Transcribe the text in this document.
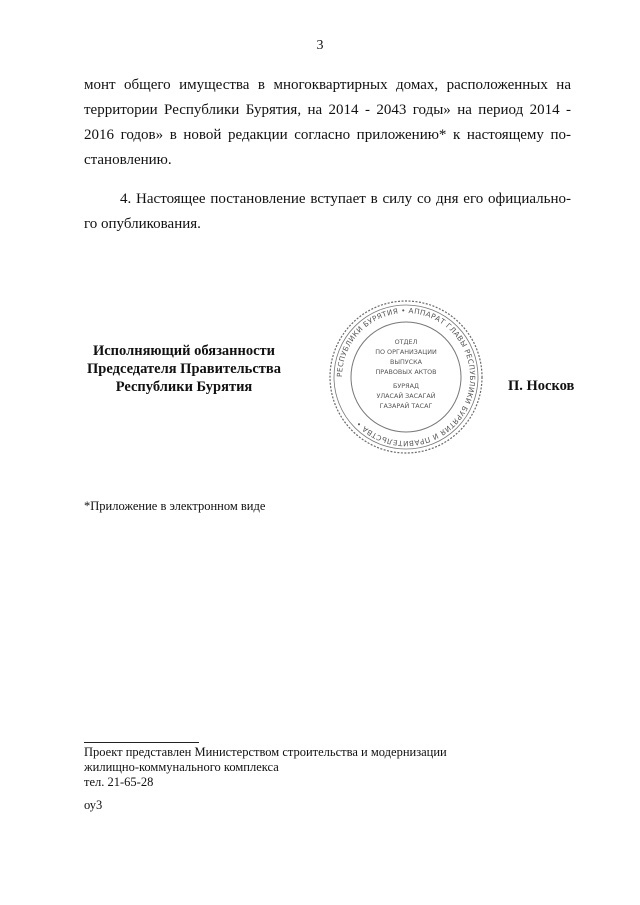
3
монт общего имущества в многоквартирных домах, расположенных на
территории Республики Бурятия, на 2014 - 2043 годы» на период 2014 -
2016 годов» в новой редакции согласно приложению* к настоящему по-
становлению.
4. Настоящее постановление вступает в силу со дня его официально-
го опубликования.
Исполняющий обязанности
Председателя Правительства
Республики Бурятия
РЕСПУБЛИКИ БУРЯТИЯ • АППАРАТ ГЛАВЫ РЕСПУБЛИКИ БУРЯТИЯ И ПРАВИТЕЛЬСТВА •
ОТДЕЛ
ПО ОРГАНИЗАЦИИ
ВЫПУСКА
ПРАВОВЫХ АКТОВ
БУРЯАД
УЛАСАЙ ЗАСАГАЙ
ГАЗАРАЙ ТАСАГ
П. Носков
*Приложение в электронном виде
Проект представлен Министерством строительства и модернизации
жилищно-коммунального комплекса
тел. 21-65-28
оу3
